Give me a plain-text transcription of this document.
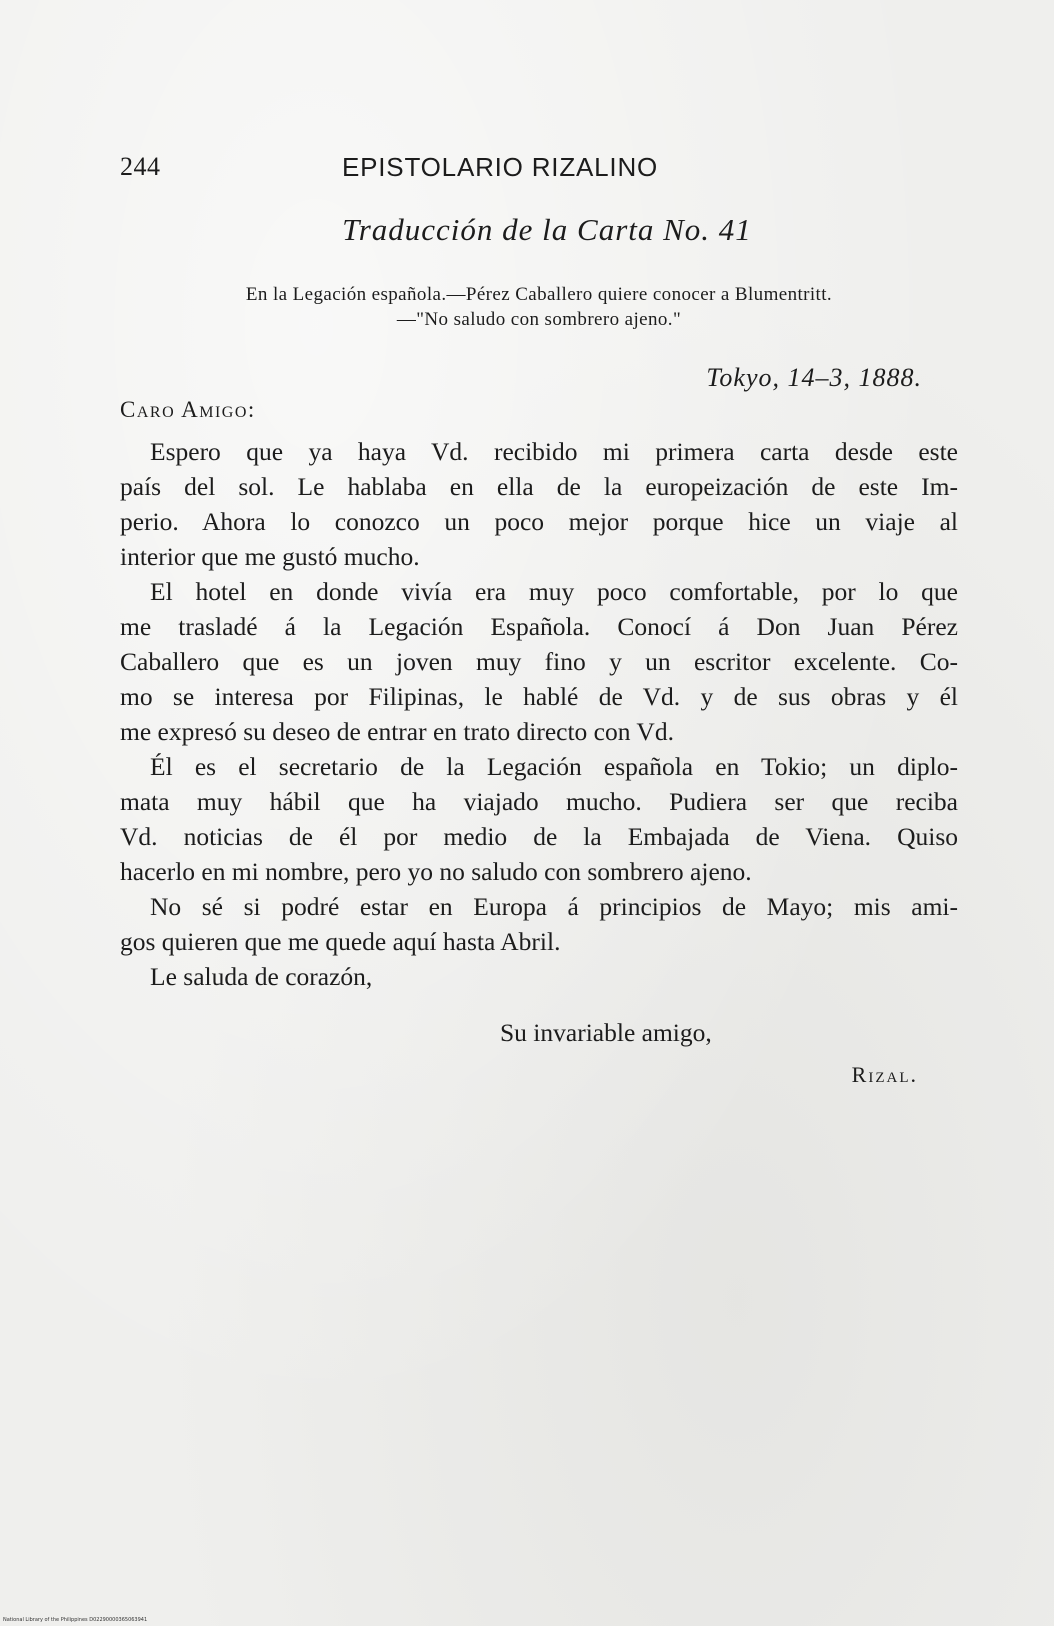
244	EPISTOLARIO RIZALINO
Traducción de la Carta No. 41
En la Legación española.—Pérez Caballero quiere conocer a Blumentritt.
—"No saludo con sombrero ajeno."
Tokyo, 14–3, 1888.
Caro Amigo:
Espero que ya haya Vd. recibido mi primera carta desde este
país del sol. Le hablaba en ella de la europeización de este Im-
perio. Ahora lo conozco un poco mejor porque hice un viaje al
interior que me gustó mucho.
El hotel en donde vivía era muy poco comfortable, por lo que
me trasladé á la Legación Española. Conocí á Don Juan Pérez
Caballero que es un joven muy fino y un escritor excelente. Co-
mo se interesa por Filipinas, le hablé de Vd. y de sus obras y él
me expresó su deseo de entrar en trato directo con Vd.
Él es el secretario de la Legación española en Tokio; un diplo-
mata muy hábil que ha viajado mucho. Pudiera ser que reciba
Vd. noticias de él por medio de la Embajada de Viena. Quiso
hacerlo en mi nombre, pero yo no saludo con sombrero ajeno.
No sé si podré estar en Europa á principios de Mayo; mis ami-
gos quieren que me quede aquí hasta Abril.
Le saluda de corazón,
Su invariable amigo,
Rizal.
National Library of the Philippines D02290000365063941
